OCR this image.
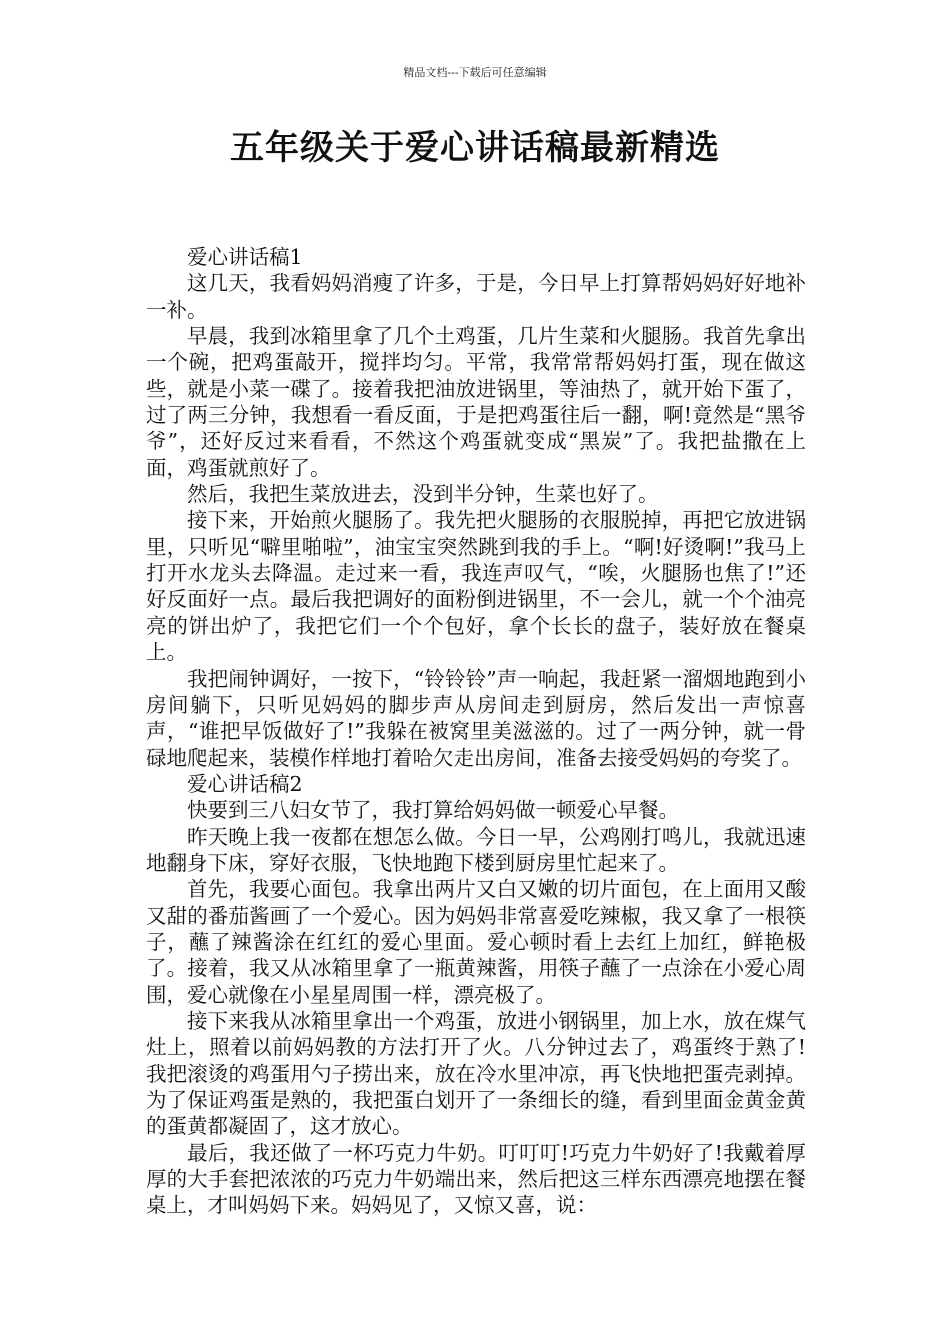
精品文档---下载后可任意编辑
五年级关于爱心讲话稿最新精选

爱心讲话稿1

这几天，我看妈妈消瘦了许多，于是，今日早上打算帮妈妈好好地补一补。

早晨，我到冰箱里拿了几个土鸡蛋，几片生菜和火腿肠。我首先拿出一个碗，把鸡蛋敲开，搅拌均匀。平常，我常常帮妈妈打蛋，现在做这些，就是小菜一碟了。接着我把油放进锅里，等油热了，就开始下蛋了，过了两三分钟，我想看一看反面，于是把鸡蛋往后一翻，啊!竟然是“黑爷爷”，还好反过来看看，不然这个鸡蛋就变成“黑炭”了。我把盐撒在上面，鸡蛋就煎好了。

然后，我把生菜放进去，没到半分钟，生菜也好了。

接下来，开始煎火腿肠了。我先把火腿肠的衣服脱掉，再把它放进锅里，只听见“噼里啪啦”，油宝宝突然跳到我的手上。“啊!好烫啊!”我马上打开水龙头去降温。走过来一看，我连声叹气，“唉，火腿肠也焦了!”还好反面好一点。最后我把调好的面粉倒进锅里，不一会儿，就一个个油亮亮的饼出炉了，我把它们一个个包好，拿个长长的盘子，装好放在餐桌上。

我把闹钟调好，一按下，“铃铃铃”声一响起，我赶紧一溜烟地跑到小房间躺下，只听见妈妈的脚步声从房间走到厨房，然后发出一声惊喜声，“谁把早饭做好了!”我躲在被窝里美滋滋的。过了一两分钟，就一骨碌地爬起来，装模作样地打着哈欠走出房间，准备去接受妈妈的夸奖了。

爱心讲话稿2

快要到三八妇女节了，我打算给妈妈做一顿爱心早餐。

昨天晚上我一夜都在想怎么做。今日一早，公鸡刚打鸣儿，我就迅速地翻身下床，穿好衣服，飞快地跑下楼到厨房里忙起来了。

首先，我要心面包。我拿出两片又白又嫩的切片面包，在上面用又酸又甜的番茄酱画了一个爱心。因为妈妈非常喜爱吃辣椒，我又拿了一根筷子，蘸了辣酱涂在红红的爱心里面。爱心顿时看上去红上加红，鲜艳极了。接着，我又从冰箱里拿了一瓶黄辣酱，用筷子蘸了一点涂在小爱心周围，爱心就像在小星星周围一样，漂亮极了。

接下来我从冰箱里拿出一个鸡蛋，放进小钢锅里，加上水，放在煤气灶上，照着以前妈妈教的方法打开了火。八分钟过去了，鸡蛋终于熟了!我把滚烫的鸡蛋用勺子捞出来，放在冷水里冲凉，再飞快地把蛋壳剥掉。为了保证鸡蛋是熟的，我把蛋白划开了一条细长的缝，看到里面金黄金黄的蛋黄都凝固了，这才放心。

最后，我还做了一杯巧克力牛奶。叮叮叮!巧克力牛奶好了!我戴着厚厚的大手套把浓浓的巧克力牛奶端出来，然后把这三样东西漂亮地摆在餐桌上，才叫妈妈下来。妈妈见了，又惊又喜，说：
